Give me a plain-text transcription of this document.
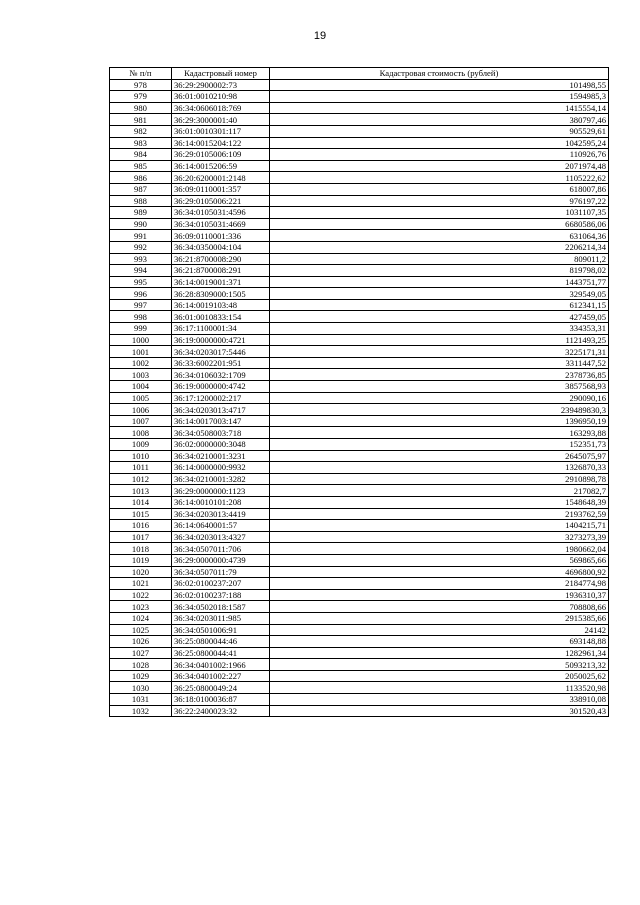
19
№ п/п	Кадастровый номер	Кадастровая стоимость (рублей)
978	36:29:2900002:73	101498,55
979	36:01:0010210:98	1594985,3
980	36:34:0606018:769	1415554,14
981	36:29:3000001:40	380797,46
982	36:01:0010301:117	905529,61
983	36:14:0015204:122	1042595,24
984	36:29:0105006:109	110926,76
985	36:14:0015206:59	2071974,48
986	36:20:6200001:2148	1105222,62
987	36:09:0110001:357	618007,86
988	36:29:0105006:221	976197,22
989	36:34:0105031:4596	1031107,35
990	36:34:0105031:4669	6680586,06
991	36:09:0110001:336	631064,36
992	36:34:0350004:104	2206214,34
993	36:21:8700008:290	809011,2
994	36:21:8700008:291	819798,02
995	36:14:0019001:371	1443751,77
996	36:28:8309000:1505	329549,05
997	36:14:0019103:48	612341,15
998	36:01:0010833:154	427459,05
999	36:17:1100001:34	334353,31
1000	36:19:0000000:4721	1121493,25
1001	36:34:0203017:5446	3225171,31
1002	36:33:6002201:951	3311447,52
1003	36:34:0106032:1709	2378736,85
1004	36:19:0000000:4742	3857568,93
1005	36:17:1200002:217	290090,16
1006	36:34:0203013:4717	239489830,3
1007	36:14:0017003:147	1396950,19
1008	36:34:0508003:718	163293,88
1009	36:02:0000000:3048	152351,73
1010	36:34:0210001:3231	2645075,97
1011	36:14:0000000:9932	1326870,33
1012	36:34:0210001:3282	2910898,78
1013	36:29:0000000:1123	217082,7
1014	36:14:0010101:208	1548648,39
1015	36:34:0203013:4419	2193762,59
1016	36:14:0640001:57	1404215,71
1017	36:34:0203013:4327	3273273,39
1018	36:34:0507011:706	1980662,04
1019	36:29:0000000:4739	569865,66
1020	36:34:0507011:79	4696800,92
1021	36:02:0100237:207	2184774,98
1022	36:02:0100237:188	1936310,37
1023	36:34:0502018:1587	708808,66
1024	36:34:0203011:985	2915385,66
1025	36:34:0501006:91	24142
1026	36:25:0800044:46	693148,88
1027	36:25:0800044:41	1282961,34
1028	36:34:0401002:1966	5093213,32
1029	36:34:0401002:227	2050025,62
1030	36:25:0800049:24	1133520,98
1031	36:18:0100036:87	338910,08
1032	36:22:2400023:32	301520,43
